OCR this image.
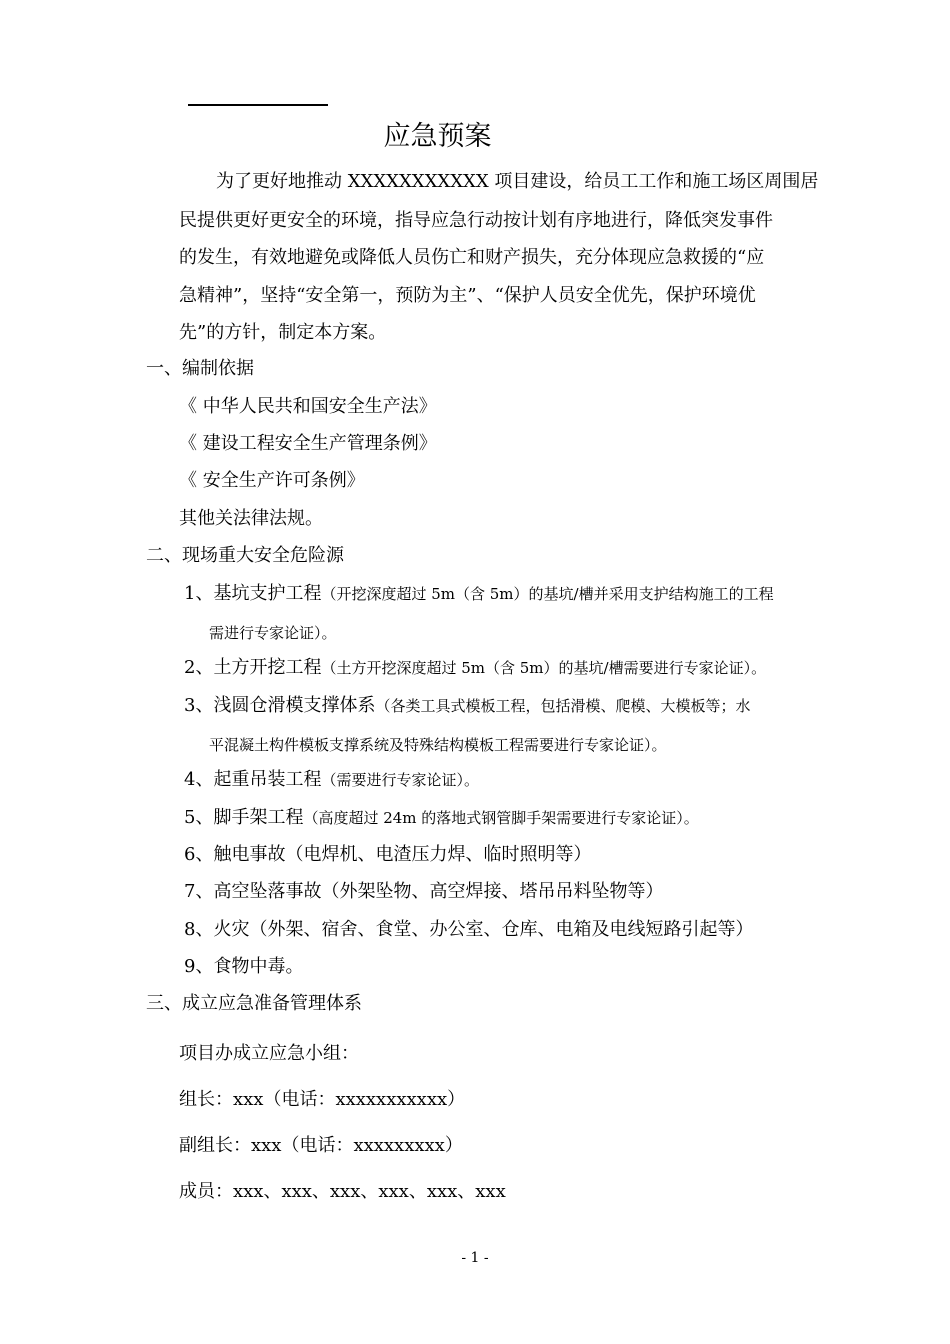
应急预案
为了更好地推动 XXXXXXXXXXX 项目建设，给员工工作和施工场区周围居
民提供更好更安全的环境，指导应急行动按计划有序地进行，降低突发事件
的发生，有效地避免或降低人员伤亡和财产损失，充分体现应急救援的“应
急精神”，坚持“安全第一，预防为主”、“保护人员安全优先，保护环境优
先”的方针，制定本方案。
一、编制依据
《 中华人民共和国安全生产法》
《 建设工程安全生产管理条例》
《 安全生产许可条例》
其他关法律法规。
二、现场重大安全危险源
1、基坑支护工程（开挖深度超过 5m（含 5m）的基坑/槽并采用支护结构施工的工程
需进行专家论证）。
2、土方开挖工程（土方开挖深度超过 5m（含 5m）的基坑/槽需要进行专家论证）。
3、浅圆仓滑模支撑体系（各类工具式模板工程，包括滑模、爬模、大模板等；水
平混凝土构件模板支撑系统及特殊结构模板工程需要进行专家论证）。
4、起重吊装工程（需要进行专家论证）。
5、脚手架工程（高度超过 24m 的落地式钢管脚手架需要进行专家论证）。
6、触电事故（电焊机、电渣压力焊、临时照明等）
7、高空坠落事故（外架坠物、高空焊接、塔吊吊料坠物等）
8、火灾（外架、宿舍、食堂、办公室、仓库、电箱及电线短路引起等）
9、食物中毒。
三、成立应急准备管理体系
项目办成立应急小组：
组长：xxx（电话：xxxxxxxxxxx）
副组长：xxx（电话：xxxxxxxxx）
成员：xxx、xxx、xxx、xxx、xxx、xxx
- 1 -
